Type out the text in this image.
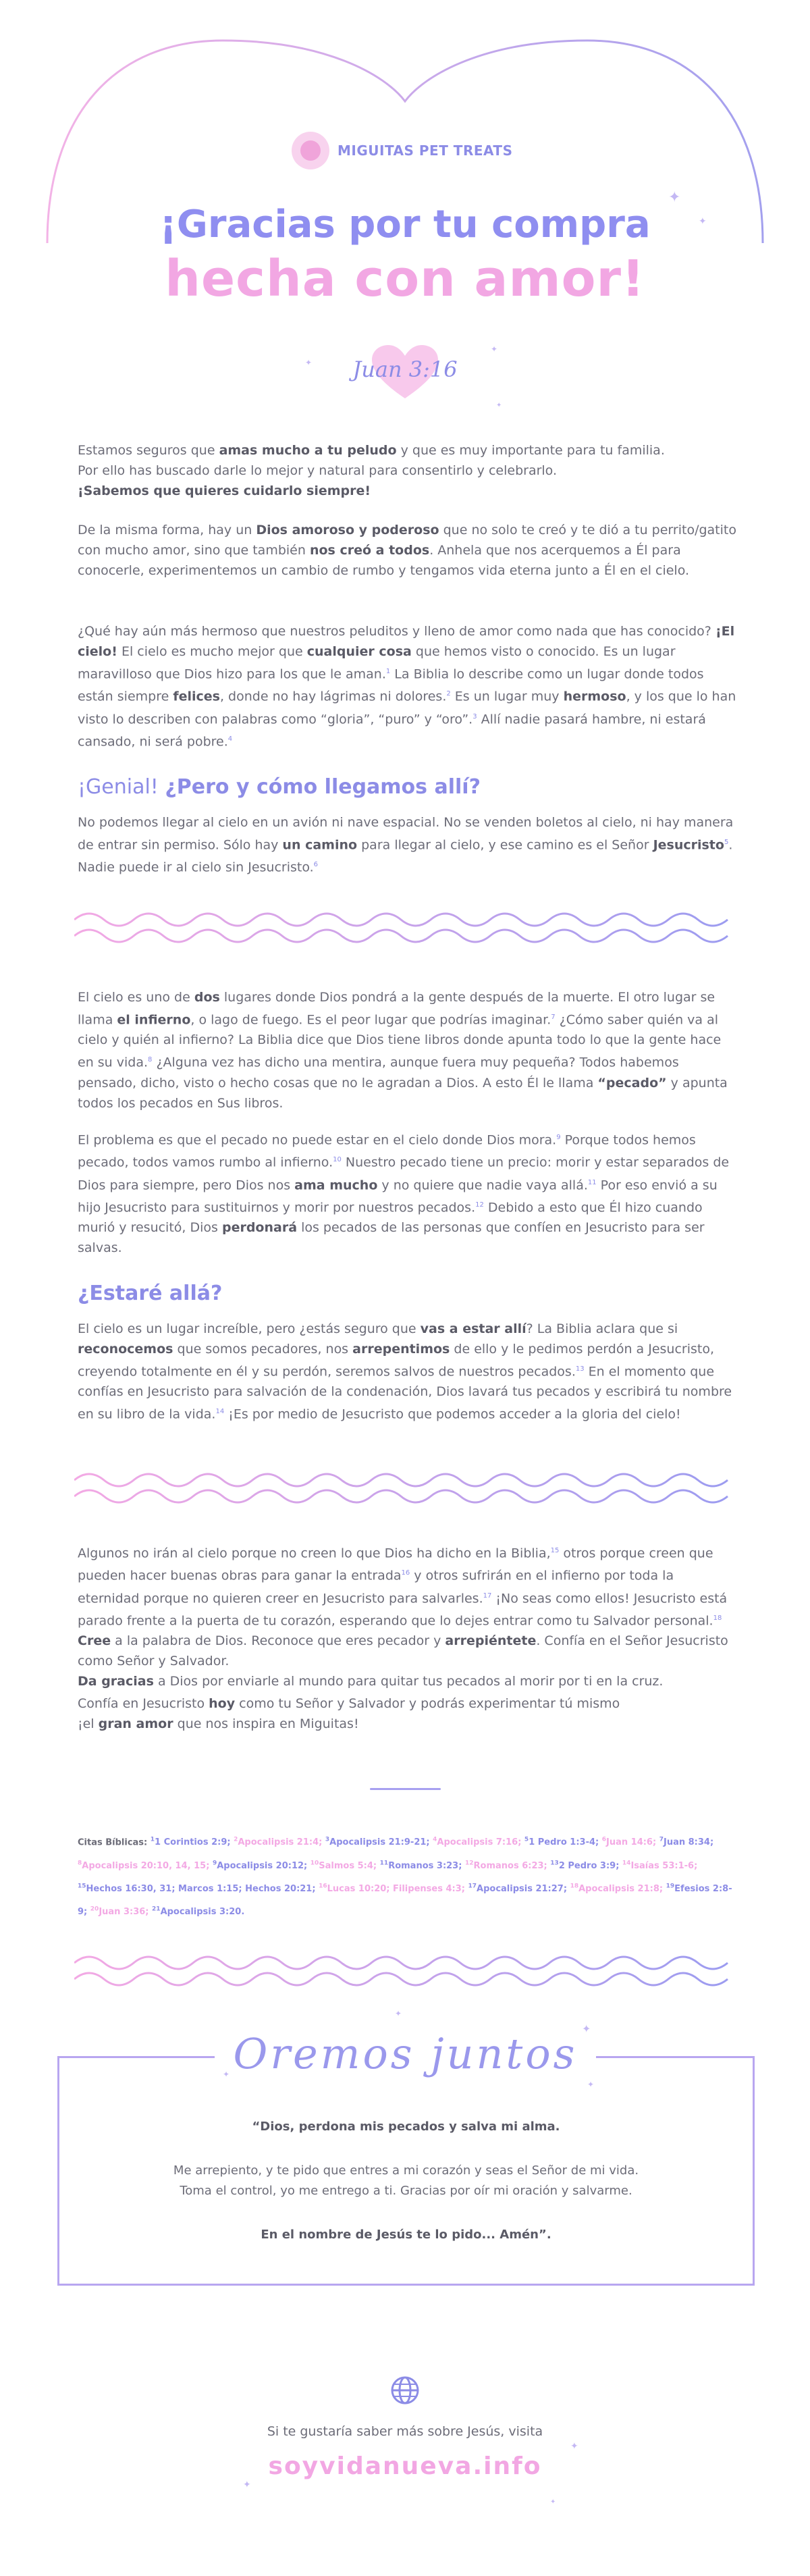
MIGUITAS PET TREATS
✦
✦
¡Gracias por tu compra
hecha con amor!
Juan 3:16
✦
✦
✦

Estamos seguros que amas mucho a tu peludo y que es muy importante para tu familia.
Por ello has buscado darle lo mejor y natural para consentirlo y celebrarlo.
¡Sabemos que quieres cuidarlo siempre!

De la misma forma, hay un Dios amoroso y poderoso que no solo te creó y te dió a tu perrito/gatito con mucho amor, sino que también nos creó a todos. Anhela que nos acerquemos a Él para conocerle, experimentemos un cambio de rumbo y tengamos vida eterna junto a Él en el cielo.

¿Qué hay aún más hermoso que nuestros peluditos y lleno de amor como nada que has conocido? ¡El cielo! El cielo es mucho mejor que cualquier cosa que hemos visto o conocido. Es un lugar maravilloso que Dios hizo para los que le aman.$^1$ La Biblia lo describe como un lugar donde todos están siempre felices, donde no hay lágrimas ni dolores.$^2$ Es un lugar muy hermoso, y los que lo han visto lo describen con palabras como “gloria”, “puro” y “oro”.$^3$ Allí nadie pasará hambre, ni estará cansado, ni será pobre.$^4$

¡Genial! ¿Pero y cómo llegamos allí?

No podemos llegar al cielo en un avión ni nave espacial. No se venden boletos al cielo, ni hay manera de entrar sin permiso. Sólo hay un camino para llegar al cielo, y ese camino es el Señor Jesucristo$^5$. Nadie puede ir al cielo sin Jesucristo.$^6$

El cielo es uno de dos lugares donde Dios pondrá a la gente después de la muerte. El otro lugar se llama el infierno, o lago de fuego. Es el peor lugar que podrías imaginar.$^7$ ¿Cómo saber quién va al cielo y quién al infierno? La Biblia dice que Dios tiene libros donde apunta todo lo que la gente hace en su vida.$^8$ ¿Alguna vez has dicho una mentira, aunque fuera muy pequeña? Todos habemos pensado, dicho, visto o hecho cosas que no le agradan a Dios. A esto Él le llama “pecado” y apunta todos los pecados en Sus libros.

El problema es que el pecado no puede estar en el cielo donde Dios mora.$^9$ Porque todos hemos pecado, todos vamos rumbo al infierno.$^{10}$ Nuestro pecado tiene un precio: morir y estar separados de Dios para siempre, pero Dios nos ama mucho y no quiere que nadie vaya allá.$^{11}$ Por eso envió a su hijo Jesucristo para sustituirnos y morir por nuestros pecados.$^{12}$ Debido a esto que Él hizo cuando murió y resucitó, Dios perdonará los pecados de las personas que confíen en Jesucristo para ser salvas.

¿Estaré allá?

El cielo es un lugar increíble, pero ¿estás seguro que vas a estar allí? La Biblia aclara que si reconocemos que somos pecadores, nos arrepentimos de ello y le pedimos perdón a Jesucristo, creyendo totalmente en él y su perdón, seremos salvos de nuestros pecados.$^{13}$ En el momento que confías en Jesucristo para salvación de la condenación, Dios lavará tus pecados y escribirá tu nombre en su libro de la vida.$^{14}$ ¡Es por medio de Jesucristo que podemos acceder a la gloria del cielo!

Algunos no irán al cielo porque no creen lo que Dios ha dicho en la Biblia,$^{15}$ otros porque creen que pueden hacer buenas obras para ganar la entrada$^{16}$ y otros sufrirán en el infierno por toda la eternidad porque no quieren creer en Jesucristo para salvarles.$^{17}$ ¡No seas como ellos! Jesucristo está parado frente a la puerta de tu corazón, esperando que lo dejes entrar como tu Salvador personal.$^{18}$ Cree a la palabra de Dios. Reconoce que eres pecador y arrepiéntete. Confía en el Señor Jesucristo como Señor y Salvador.
Da gracias a Dios por enviarle al mundo para quitar tus pecados al morir por ti en la cruz.

Confía en Jesucristo hoy como tu Señor y Salvador y podrás experimentar tú mismo
¡el gran amor que nos inspira en Miguitas!

Citas Bíblicas: $^1$1 Corintios 2:9; $^2$Apocalipsis 21:4; $^3$Apocalipsis 21:9-21; $^4$Apocalipsis 7:16; $^5$1 Pedro 1:3-4; $^6$Juan 14:6; $^7$Juan 8:34; $^8$Apocalipsis 20:10, 14, 15; $^9$Apocalipsis 20:12; $^{10}$Salmos 5:4; $^{11}$Romanos 3:23; $^{12}$Romanos 6:23; $^{13}$2 Pedro 3:9; $^{14}$Isaías 53:1-6; $^{15}$Hechos 16:30, 31; Marcos 1:15; Hechos 20:21; $^{16}$Lucas 10:20; Filipenses 4:3; $^{17}$Apocalipsis 21:27; $^{18}$Apocalipsis 21:8; $^{19}$Efesios 2:8-9; $^{20}$Juan 3:36; $^{21}$Apocalipsis 3:20.
Oremos juntos
✦
✦
✦
✦

“Dios, perdona mis pecados y salva mi alma.

Me arrepiento, y te pido que entres a mi corazón y seas el Señor de mi vida.

Toma el control, yo me entrego a ti. Gracias por oír mi oración y salvarme.

En el nombre de Jesús te lo pido... Amén”.

Si te gustaría saber más sobre Jesús, visita
soyvidanueva.info
✦
✦
✦
